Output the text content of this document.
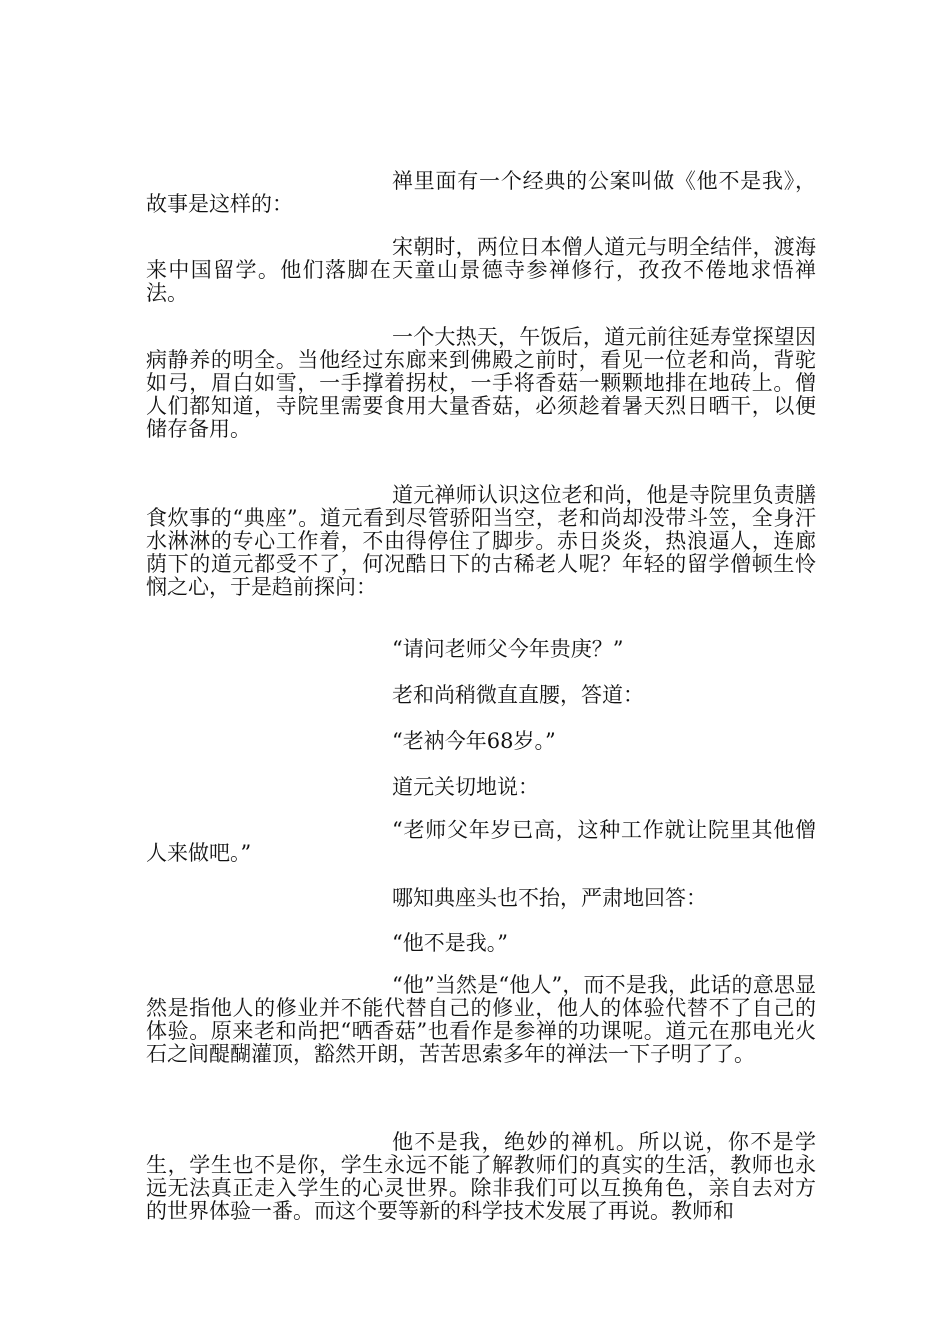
禅里面有一个经典的公案叫做《他不是我》，故事是这样的：

宋朝时，两位日本僧人道元与明全结伴，渡海来中国留学。他们落脚在天童山景德寺参禅修行，孜孜不倦地求悟禅法。

一个大热天，午饭后，道元前往延寿堂探望因病静养的明全。当他经过东廊来到佛殿之前时，看见一位老和尚，背驼如弓，眉白如雪，一手撑着拐杖，一手将香菇一颗颗地排在地砖上。僧人们都知道，寺院里需要食用大量香菇，必须趁着暑天烈日晒干，以便储存备用。

道元禅师认识这位老和尚，他是寺院里负责膳食炊事的“典座”。道元看到尽管骄阳当空，老和尚却没带斗笠，全身汗水淋淋的专心工作着，不由得停住了脚步。赤日炎炎，热浪逼人，连廊荫下的道元都受不了，何况酷日下的古稀老人呢？年轻的留学僧顿生怜悯之心，于是趋前探问：

“请问老师父今年贵庚？”

老和尚稍微直直腰，答道：

“老衲今年68岁。”

道元关切地说：

“老师父年岁已高，这种工作就让院里其他僧人来做吧。”

哪知典座头也不抬，严肃地回答：

“他不是我。”

“他”当然是“他人”，而不是我，此话的意思显然是指他人的修业并不能代替自己的修业，他人的体验代替不了自己的体验。原来老和尚把“晒香菇”也看作是参禅的功课呢。道元在那电光火石之间醍醐灌顶，豁然开朗，苦苦思索多年的禅法一下子明了了。

他不是我，绝妙的禅机。所以说，你不是学生，学生也不是你，学生永远不能了解教师们的真实的生活，教师也永远无法真正走入学生的心灵世界。除非我们可以互换角色，亲自去对方的世界体验一番。而这个要等新的科学技术发展了再说。教师和
